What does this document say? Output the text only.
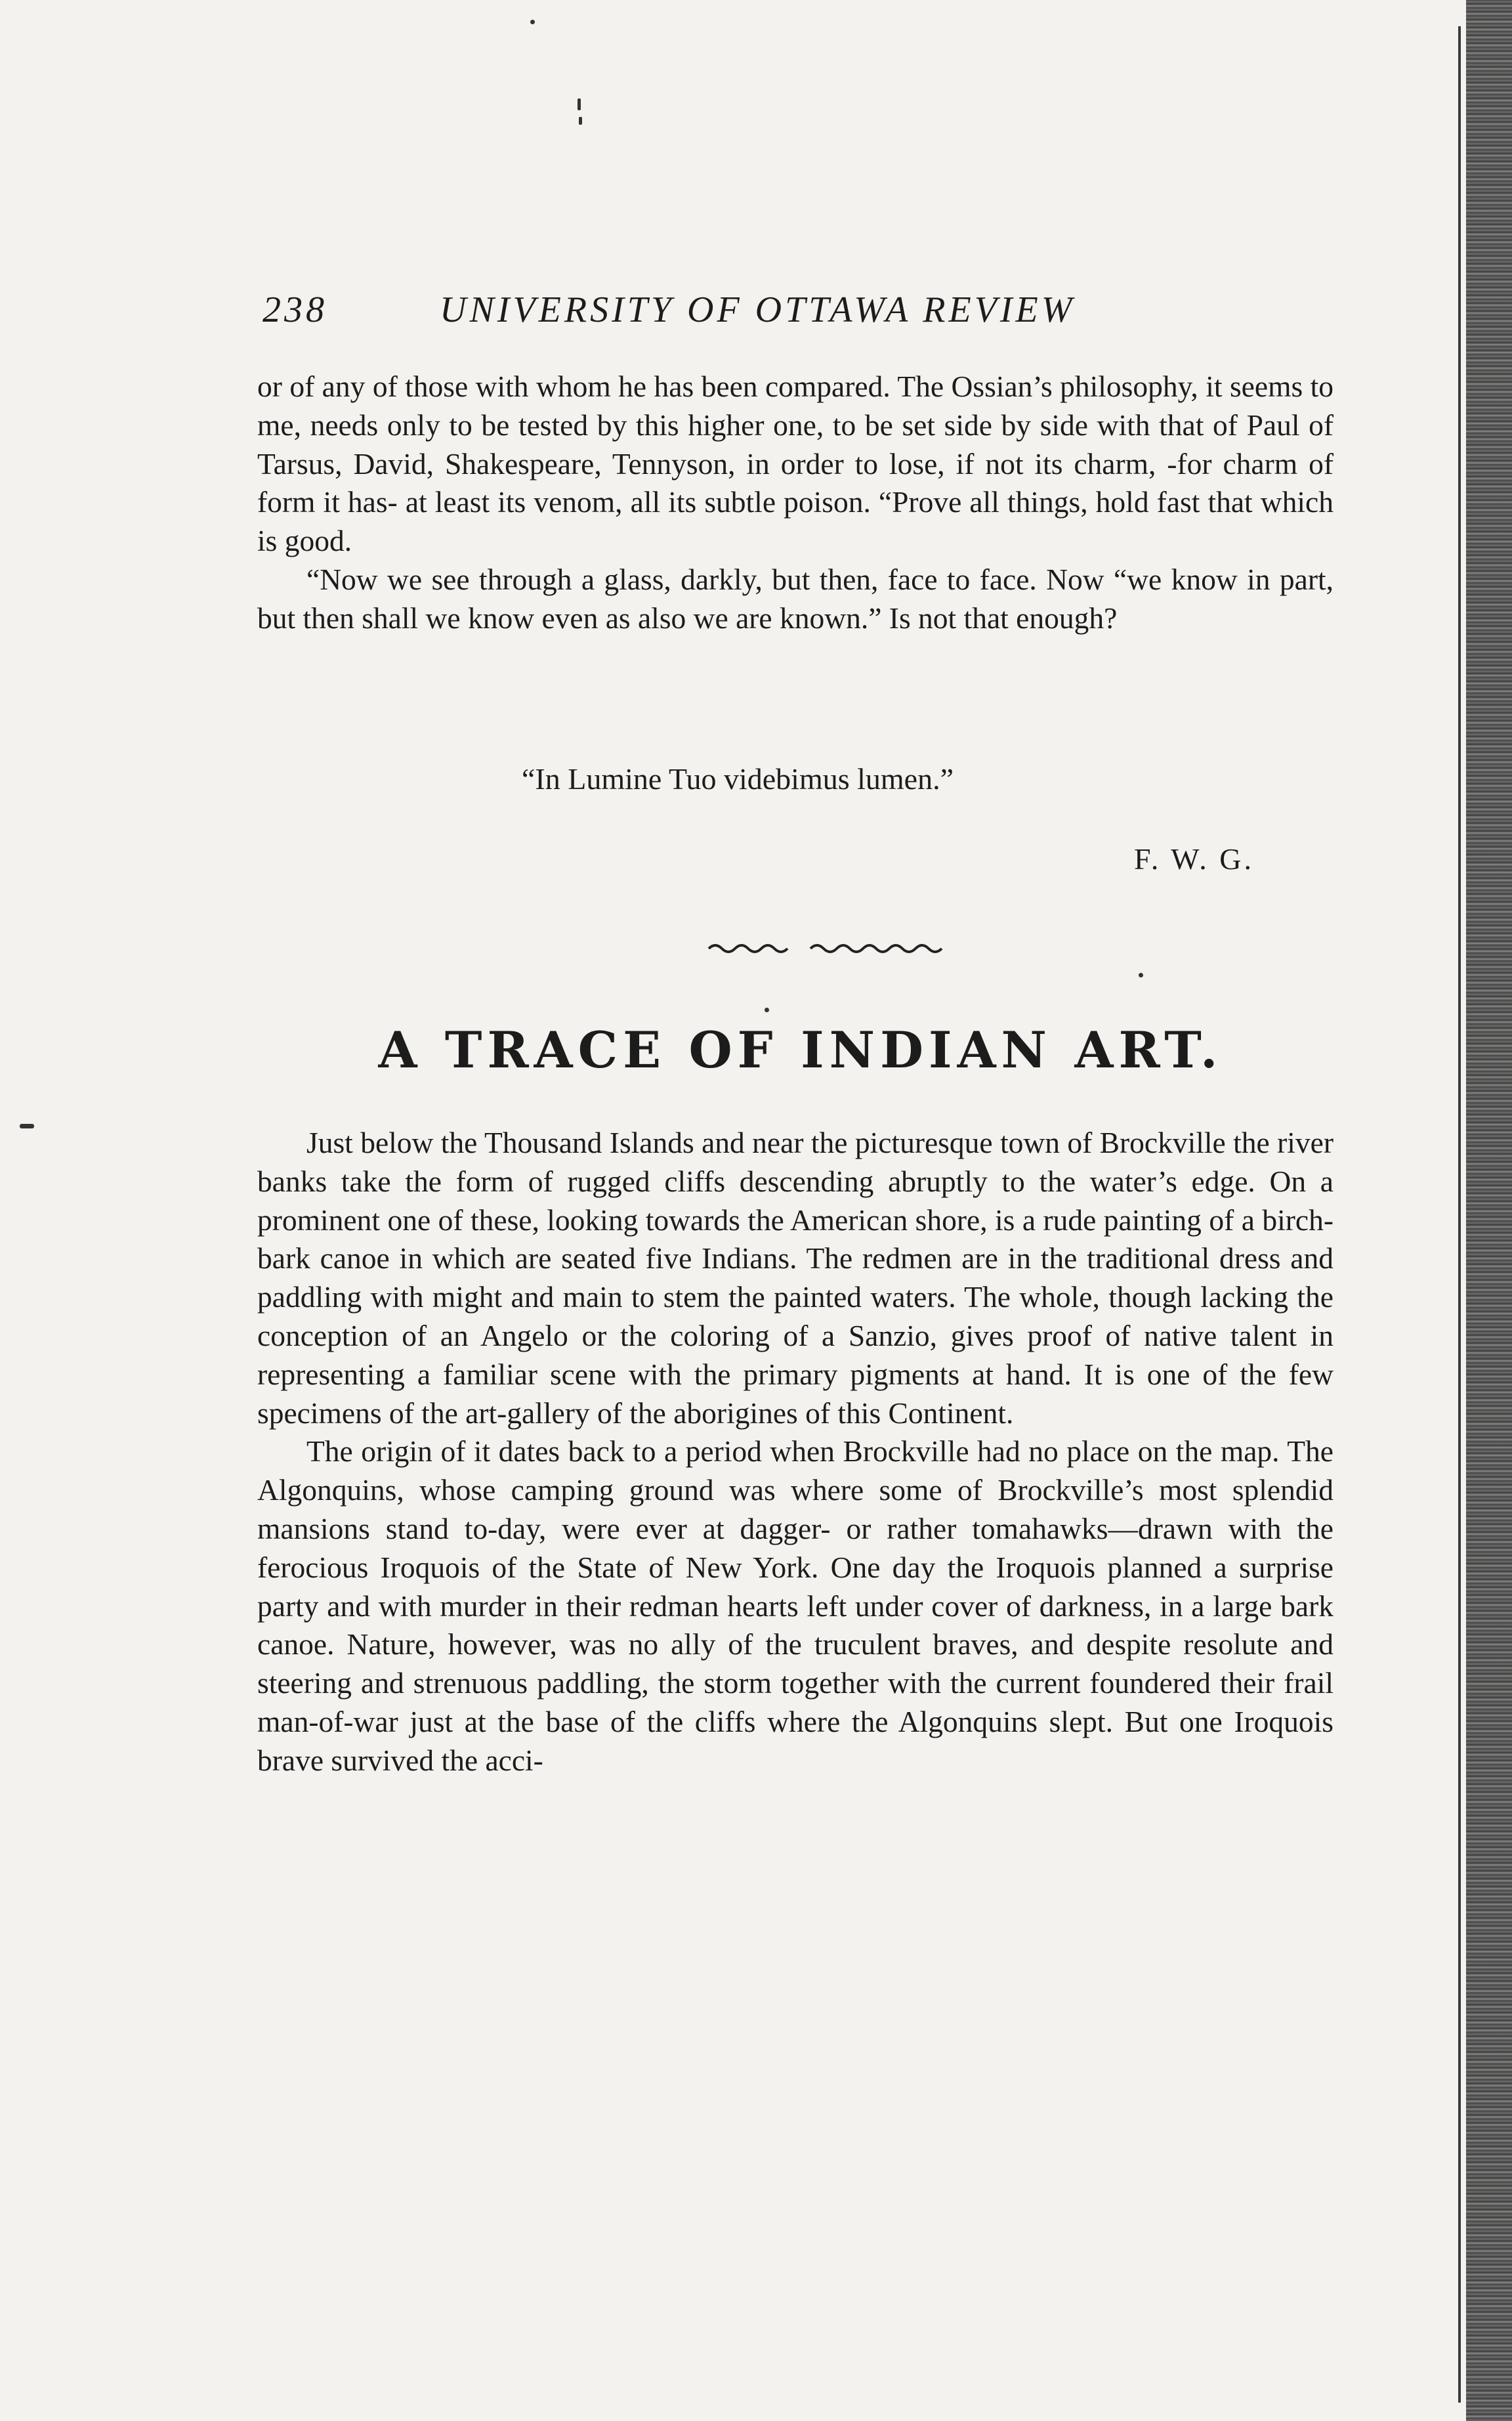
238	UNIVERSITY OF OTTAWA REVIEW

or of any of those with whom he has been compared. The Ossian’s philosophy, it seems to me, needs only to be tested by this higher one, to be set side by side with that of Paul of Tarsus, David, Shakespeare, Tennyson, in order to lose, if not its charm, -for charm of form it has- at least its venom, all its subtle poison. “Prove all things, hold fast that which is good.

“Now we see through a glass, darkly, but then, face to face. Now “we know in part, but then shall we know even as also we are known.” Is not that enough?

“In Lumine Tuo videbimus lumen.”
F. W. G.
A TRACE OF INDIAN ART.

Just below the Thousand Islands and near the picturesque town of Brockville the river banks take the form of rugged cliffs descending abruptly to the water’s edge. On a prominent one of these, looking towards the American shore, is a rude painting of a birch-bark canoe in which are seated five Indians. The redmen are in the traditional dress and paddling with might and main to stem the painted waters. The whole, though lacking the conception of an Angelo or the coloring of a Sanzio, gives proof of native talent in representing a familiar scene with the primary pigments at hand. It is one of the few specimens of the art-gallery of the aborigines of this Continent.

The origin of it dates back to a period when Brockville had no place on the map. The Algonquins, whose camping ground was where some of Brockville’s most splendid mansions stand to-day, were ever at dagger- or rather tomahawks—drawn with the ferocious Iroquois of the State of New York. One day the Iroquois planned a surprise party and with murder in their redman hearts left under cover of darkness, in a large bark canoe. Nature, however, was no ally of the truculent braves, and despite resolute and steering and strenuous paddling, the storm together with the current foundered their frail man-of-war just at the base of the cliffs where the Algonquins slept. But one Iroquois brave survived the acci-
